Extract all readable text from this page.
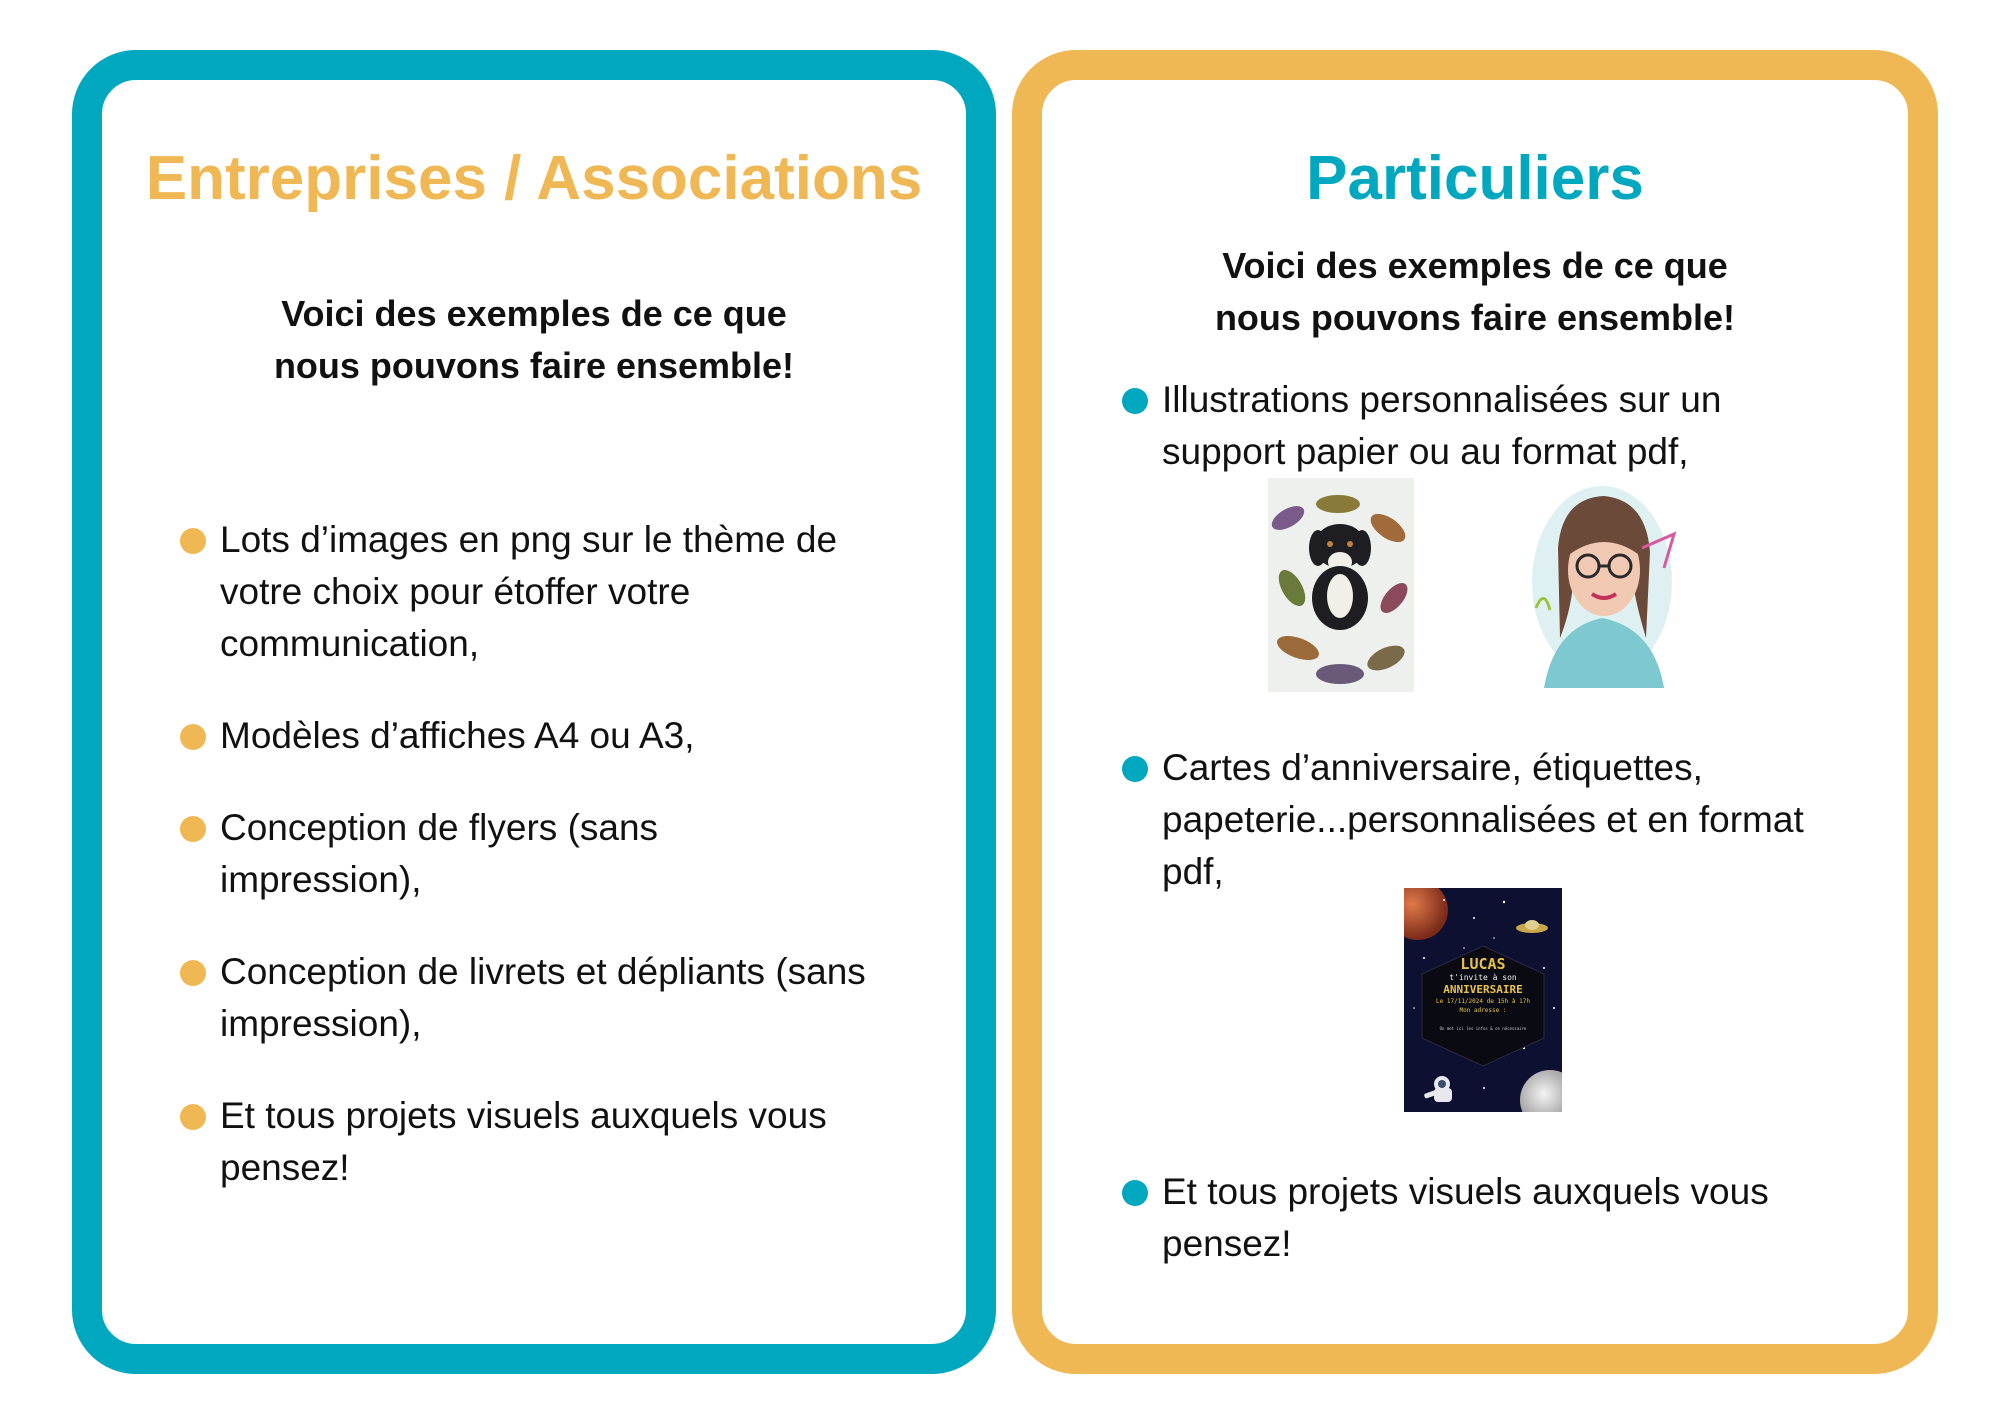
Entreprises / Associations

Voici des exemples de ce que
nous pouvons faire ensemble!

Lots d’images en png sur le thème de
votre choix pour étoffer votre
communication,
Modèles d’affiches A4 ou A3,
Conception de flyers (sans
impression),
Conception de livrets et dépliants (sans
impression),
Et tous projets visuels auxquels vous
pensez!
Particuliers

Voici des exemples de ce que
nous pouvons faire ensemble!

Illustrations personnalisées sur un
support papier ou au format pdf,
Cartes d’anniversaire, étiquettes,
papeterie...personnalisées et en format
pdf,
LUCAS
t'invite à son
ANNIVERSAIRE
Le 17/11/2024 de 15h à 17h
Mon adresse :
On met ici les infos & ce nécessaire
Et tous projets visuels auxquels vous
pensez!
